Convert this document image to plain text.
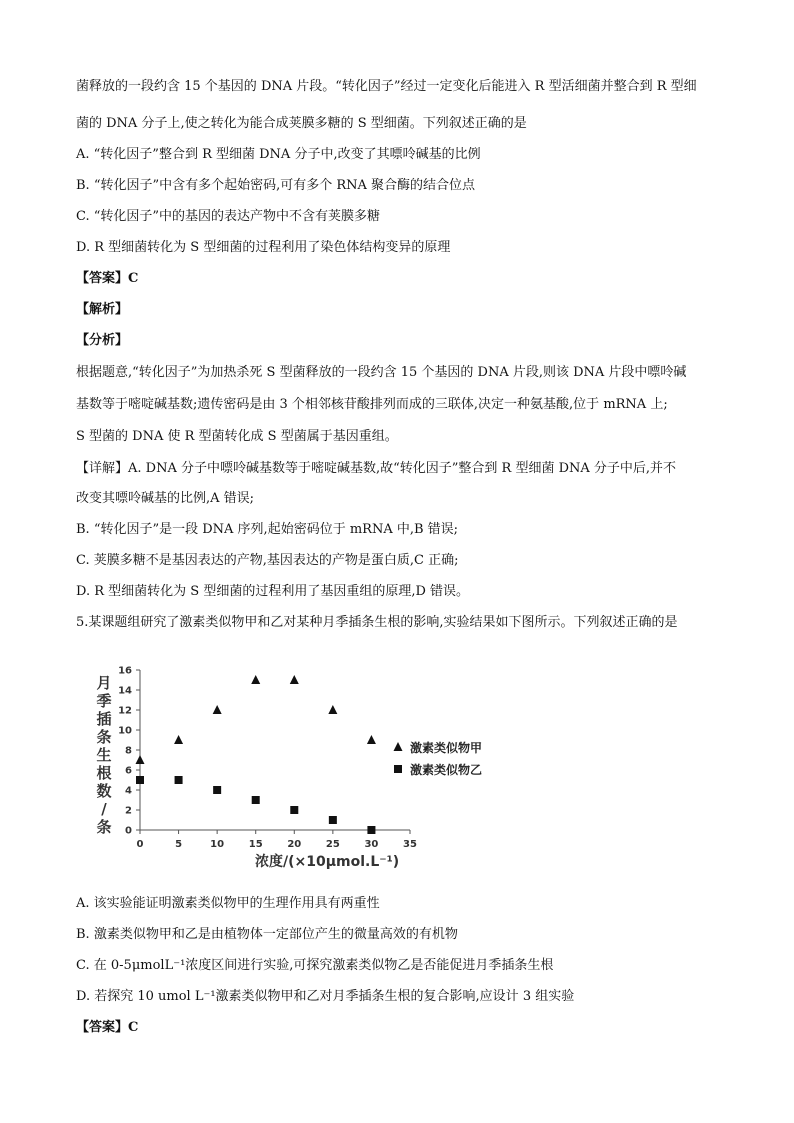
菌释放的一段约含 15 个基因的 DNA 片段。“转化因子”经过一定变化后能进入 R 型活细菌并整合到 R 型细
菌的 DNA 分子上,使之转化为能合成荚膜多糖的 S 型细菌。下列叙述正确的是
A. “转化因子”整合到 R 型细菌 DNA 分子中,改变了其嘌呤碱基的比例
B. “转化因子”中含有多个起始密码,可有多个 RNA 聚合酶的结合位点
C. “转化因子”中的基因的表达产物中不含有荚膜多糖
D. R 型细菌转化为 S 型细菌的过程利用了染色体结构变异的原理
【答案】C
【解析】
【分析】
根据题意,“转化因子”为加热杀死 S 型菌释放的一段约含 15 个基因的 DNA 片段,则该 DNA 片段中嘌呤碱
基数等于嘧啶碱基数;遗传密码是由 3 个相邻核苷酸排列而成的三联体,决定一种氨基酸,位于 mRNA 上;
S 型菌的 DNA 使 R 型菌转化成 S 型菌属于基因重组。
【详解】A. DNA 分子中嘌呤碱基数等于嘧啶碱基数,故“转化因子”整合到 R 型细菌 DNA 分子中后,并不
改变其嘌呤碱基的比例,A 错误;
B. “转化因子”是一段 DNA 序列,起始密码位于 mRNA 中,B 错误;
C. 荚膜多糖不是基因表达的产物,基因表达的产物是蛋白质,C 正确;
D. R 型细菌转化为 S 型细菌的过程利用了基因重组的原理,D 错误。
5.某课题组研究了激素类似物甲和乙对某种月季插条生根的影响,实验结果如下图所示。下列叙述正确的是
月
季
插
条
生
根
数
/
条 0
2
4
6
8
10
12
14
16
0	5	10 15 20 25 30 35
激素类似物甲
激素类似物乙
浓度/(×10μmol.L⁻¹)
A. 该实验能证明激素类似物甲的生理作用具有两重性
B. 激素类似物甲和乙是由植物体一定部位产生的微量高效的有机物
C. 在 0-5μmolL⁻¹浓度区间进行实验,可探究激素类似物乙是否能促进月季插条生根
D. 若探究 10 umol L⁻¹激素类似物甲和乙对月季插条生根的复合影响,应设计 3 组实验
【答案】C
